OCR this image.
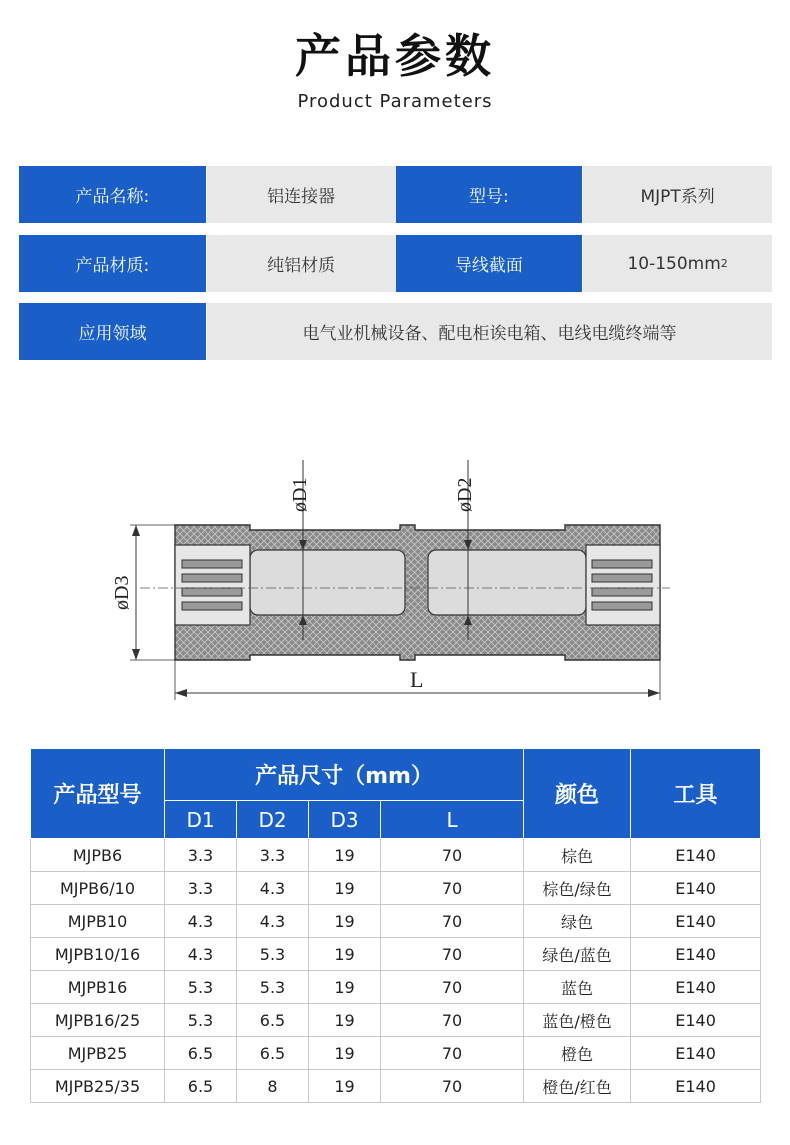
产品参数
Product Parameters
产品名称:	铝连接器	型号:	MJPT系列
产品材质:	纯铝材质	导线截面	10-150mm 2
应用领域	电气业机械设备、配电柜诶电箱、电线电缆终端等
øD1	øD2
øD3
L
产品型号	产品尺寸（mm）				颜色	工具
	D1	D2	D3	L		
MJPB6	3.3	3.3	19	70	棕色	E140
MJPB6/10	3.3	4.3	19	70	棕色/绿色	E140
MJPB10	4.3	4.3	19	70	绿色	E140
MJPB10/16	4.3	5.3	19	70	绿色/蓝色	E140
MJPB16	5.3	5.3	19	70	蓝色	E140
MJPB16/25	5.3	6.5	19	70	蓝色/橙色	E140
MJPB25	6.5	6.5	19	70	橙色	E140
MJPB25/35	6.5	8	19	70	橙色/红色	E140
